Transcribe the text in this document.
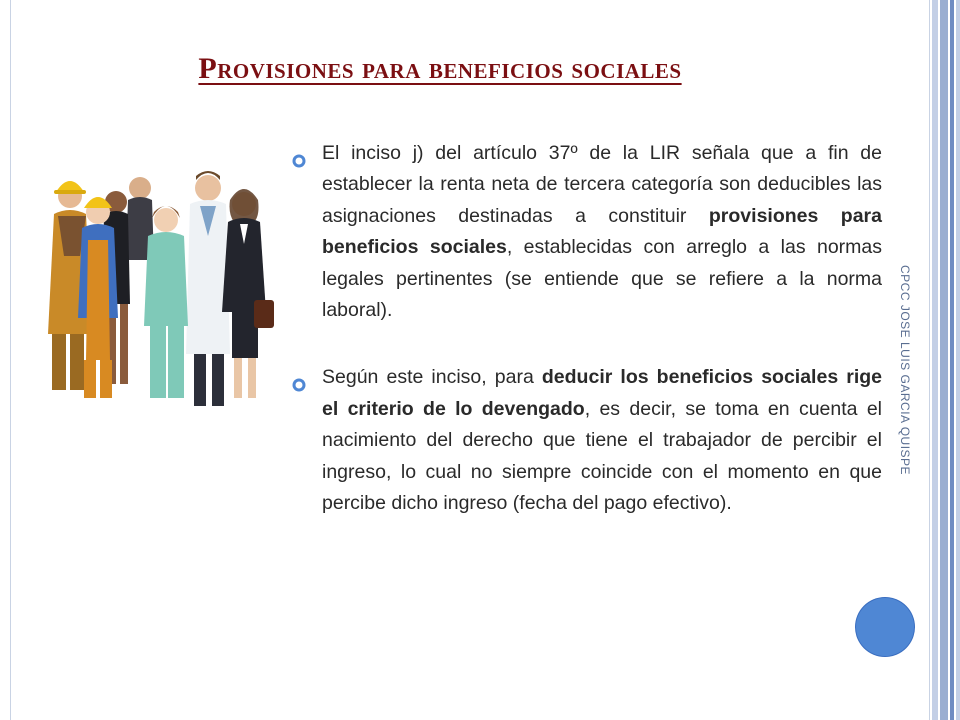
Provisiones para beneficios sociales
El inciso j) del artículo 37º de la LIR señala que a fin de establecer la renta neta de tercera categoría son deducibles las asignaciones destinadas a constituir provisiones para beneficios sociales, establecidas con arreglo a las normas legales pertinentes (se entiende que se refiere a la norma laboral).
Según este inciso, para deducir los beneficios sociales rige el criterio de lo devengado, es decir, se toma en cuenta el nacimiento del derecho que tiene el trabajador de percibir el ingreso, lo cual no siempre coincide con el momento en que percibe dicho ingreso (fecha del pago efectivo).
CPCC JOSE LUIS GARCIA QUISPE
